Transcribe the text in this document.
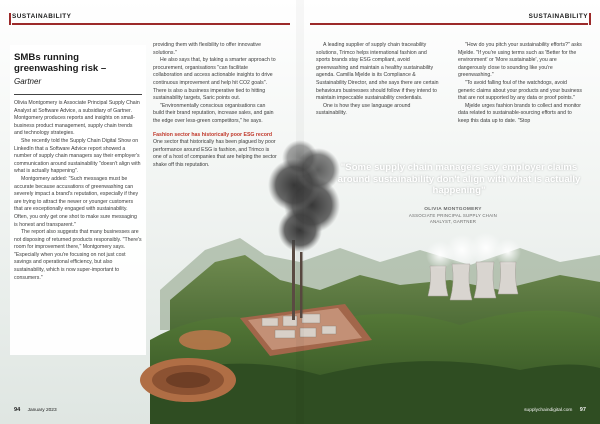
SUSTAINABILITY	SUSTAINABILITY
SMBs running greenwashing risk –
Gartner

Olivia Montgomery is Associate Principal Supply Chain Analyst at Software Advice, a subsidiary of Gartner. Montgomery produces reports and insights on small-business product management, supply chain trends and technology strategies.

She recently told the Supply Chain Digital Show on LinkedIn that a Software Advice report showed a number of supply chain managers say their employer's communication around sustainability "doesn't align with what is actually happening".

Montgomery added: "Such messages must be accurate because accusations of greenwashing can severely impact a brand's reputation, especially if they are trying to attract the newer or younger customers that are exceptionally engaged with sustainability. Often, you only get one shot to make sure messaging is honest and transparent."

The report also suggests that many businesses are not disposing of returned products responsibly. "There's room for improvement there," Montgomery says. "Especially when you're focusing on not just cost savings and operational efficiency, but also sustainability, which is now super-important to consumers."

providing them with flexibility to offer innovative solutions."

He also says that, by taking a smarter approach to procurement, organisations "can facilitate collaboration and access actionable insights to drive continuous improvement and help hit CO2 goals". There is also a business imperative tied to hitting sustainability targets, Saric points out.

"Environmentally conscious organisations can build their brand reputation, increase sales, and gain the edge over less-green competitors," he says.

Fashion sector has historically poor ESG record

One sector that historically has been plagued by poor performance around ESG is fashion, and Trimco is one of a host of companies that are helping the sector shake off this reputation.

A leading supplier of supply chain traceability solutions, Trimco helps international fashion and sports brands stay ESG compliant, avoid greenwashing and maintain a healthy sustainability agenda. Camilla Mjelde is its Compliance & Sustainability Director, and she says there are certain behaviours businesses should follow if they intend to maintain impeccable sustainability credentials.

One is how they use language around sustainability.

"How do you pitch your sustainability efforts?" asks Mjelde. "If you're using terms such as 'Better for the environment' or 'More sustainable', you are dangerously close to sounding like you're greenwashing."

"To avoid falling foul of the watchdogs, avoid generic claims about your products and your business that are not supported by any data or proof points."

Mjelde urges fashion brands to collect and monitor data related to sustainable-sourcing efforts and to keep this data up to date. "Stop

"Some supply chain managers say employer claims around sustainability don't align with what is actually happening"
OLIVIA MONTGOMERY
ASSOCIATE PRINCIPAL SUPPLY CHAIN
ANALYST, GARTNER
94 January 2023	supplychaindigital.com 97
